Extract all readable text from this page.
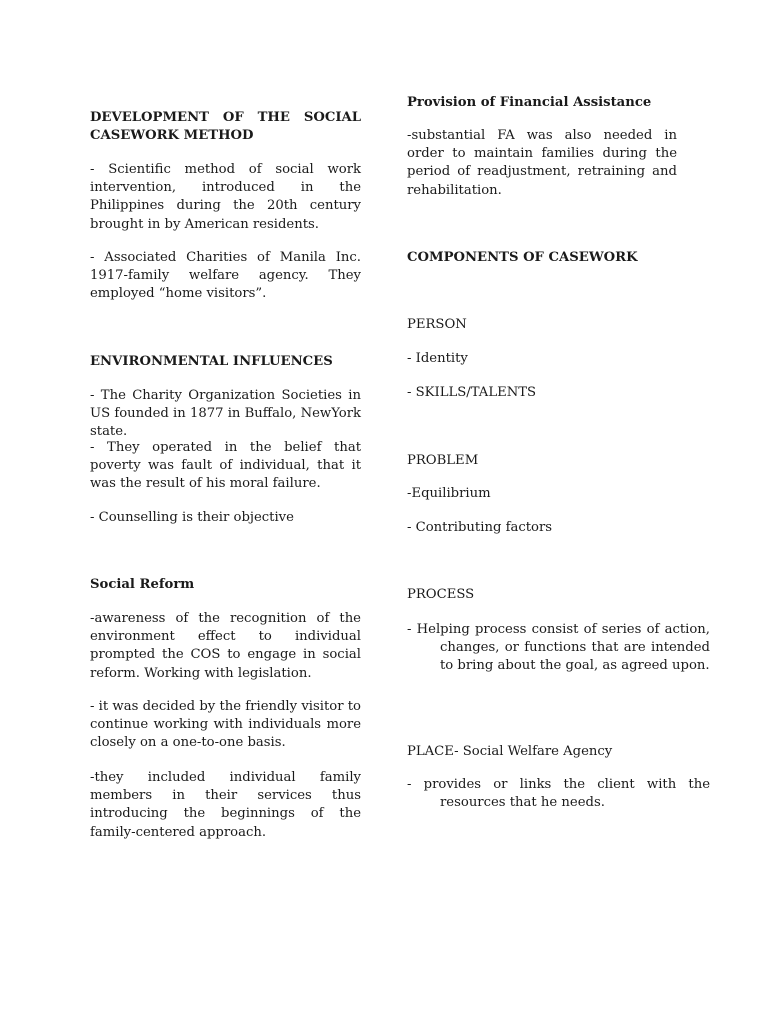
DEVELOPMENT OF THE SOCIAL CASEWORK METHOD

- Scientific method of social work intervention, introduced in the Philippines during the 20th century brought in by American residents.

- Associated Charities of Manila Inc. 1917-family welfare agency. They employed “home visitors”.

ENVIRONMENTAL INFLUENCES

- The Charity Organization Societies in US founded in 1877 in Buffalo, NewYork state.

- They operated in the belief that poverty was fault of individual, that it was the result of his moral failure.

- Counselling is their objective

Social Reform

-awareness of the recognition of the environment effect to individual prompted the COS to engage in social reform. Working with legislation.

- it was decided by the friendly visitor to continue working with individuals more closely on a one-to-one basis.

-they included individual family members in their services thus introducing the beginnings of the family-centered approach.

Provision of Financial Assistance

-substantial FA was also needed in order to maintain families during the period of readjustment, retraining and rehabilitation.

COMPONENTS OF CASEWORK

PERSON

- Identity

- SKILLS/TALENTS

PROBLEM

-Equilibrium

- Contributing factors

PROCESS

- Helping process consist of series of action, changes, or functions that are intended to bring about the goal, as agreed upon.

PLACE- Social Welfare Agency

- provides or links the client with the resources that he needs.
